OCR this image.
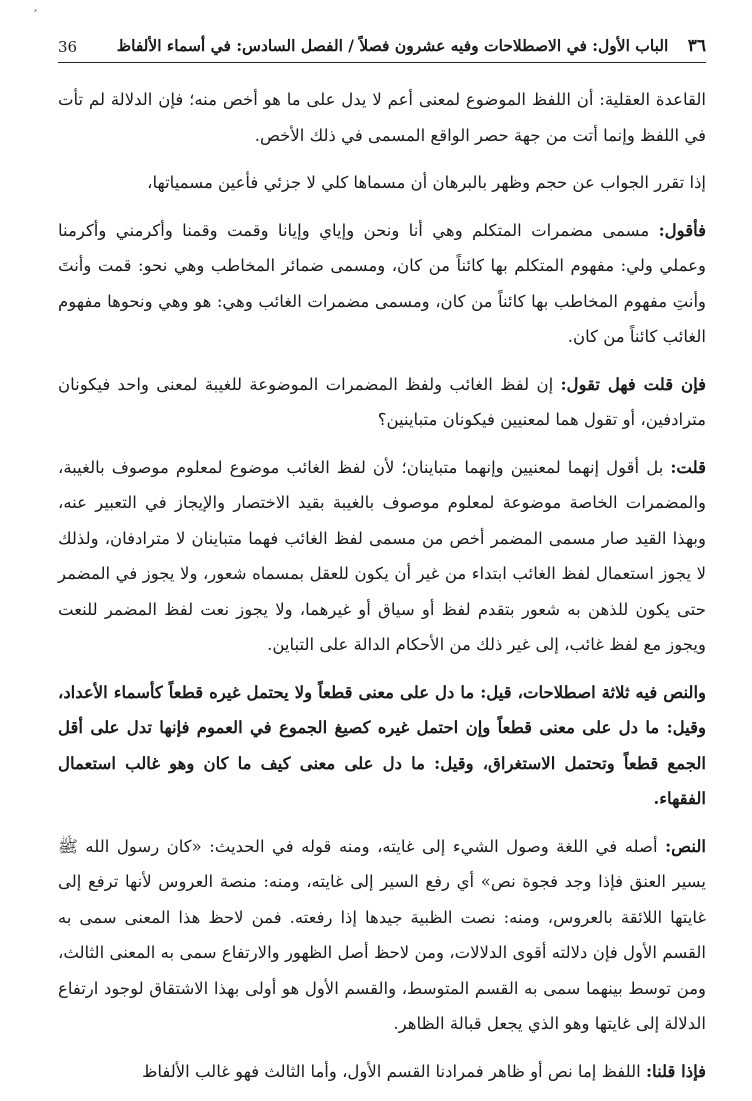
′
٣٦ الباب الأول: في الاصطلاحات وفيه عشرون فصلاً / الفصل السادس: في أسماء الألفاظ
36

القاعدة العقلية: أن اللفظ الموضوع لمعنى أعم لا يدل على ما هو أخص منه؛ فإن الدلالة لم تأت في اللفظ وإنما أتت من جهة حصر الواقع المسمى في ذلك الأخص.

إذا تقرر الجواب عن حجم وظهر بالبرهان أن مسماها كلي لا جزئي فأعين مسمياتها،

فأقول: مسمى مضمرات المتكلم وهي أنا ونحن وإياي وإيانا وقمت وقمنا وأكرمني وأكرمنا وعملي ولي: مفهوم المتكلم بها كائناً من كان، ومسمى ضمائر المخاطب وهي نحو: قمت وأنتَ وأنتِ مفهوم المخاطب بها كائناً من كان، ومسمى مضمرات الغائب وهي: هو وهي ونحوها مفهوم الغائب كائناً من كان.

فإن قلت فهل تقول: إن لفظ الغائب ولفظ المضمرات الموضوعة للغيبة لمعنى واحد فيكونان مترادفين، أو تقول هما لمعنيين فيكونان متباينين؟

قلت: بل أقول إنهما لمعنيين وإنهما متباينان؛ لأن لفظ الغائب موضوع لمعلوم موصوف بالغيبة، والمضمرات الخاصة موضوعة لمعلوم موصوف بالغيبة بقيد الاختصار والإيجاز في التعبير عنه، وبهذا القيد صار مسمى المضمر أخص من مسمى لفظ الغائب فهما متباينان لا مترادفان، ولذلك لا يجوز استعمال لفظ الغائب ابتداء من غير أن يكون للعقل بمسماه شعور، ولا يجوز في المضمر حتى يكون للذهن به شعور بتقدم لفظ أو سياق أو غيرهما، ولا يجوز نعت لفظ المضمر للنعت ويجوز مع لفظ غائب، إلى غير ذلك من الأحكام الدالة على التباين.

والنص فيه ثلاثة اصطلاحات، قيل: ما دل على معنى قطعاً ولا يحتمل غيره قطعاً كأسماء الأعداد، وقيل: ما دل على معنى قطعاً وإن احتمل غيره كصيغ الجموع في العموم فإنها تدل على أقل الجمع قطعاً وتحتمل الاستغراق، وقيل: ما دل على معنى كيف ما كان وهو غالب استعمال الفقهاء.

النص: أصله في اللغة وصول الشيء إلى غايته، ومنه قوله في الحديث: «كان رسول الله ﷺ يسير العنق فإذا وجد فجوة نص» أي رفع السير إلى غايته، ومنه: منصة العروس لأنها ترفع إلى غايتها اللائقة بالعروس، ومنه: نصت الظبية جيدها إذا رفعته. فمن لاحظ هذا المعنى سمى به القسم الأول فإن دلالته أقوى الدلالات، ومن لاحظ أصل الظهور والارتفاع سمى به المعنى الثالث، ومن توسط بينهما سمى به القسم المتوسط، والقسم الأول هو أولى بهذا الاشتقاق لوجود ارتفاع الدلالة إلى غايتها وهو الذي يجعل قبالة الظاهر.

فإذا قلنا: اللفظ إما نص أو ظاهر فمرادنا القسم الأول، وأما الثالث فهو غالب الألفاظ
